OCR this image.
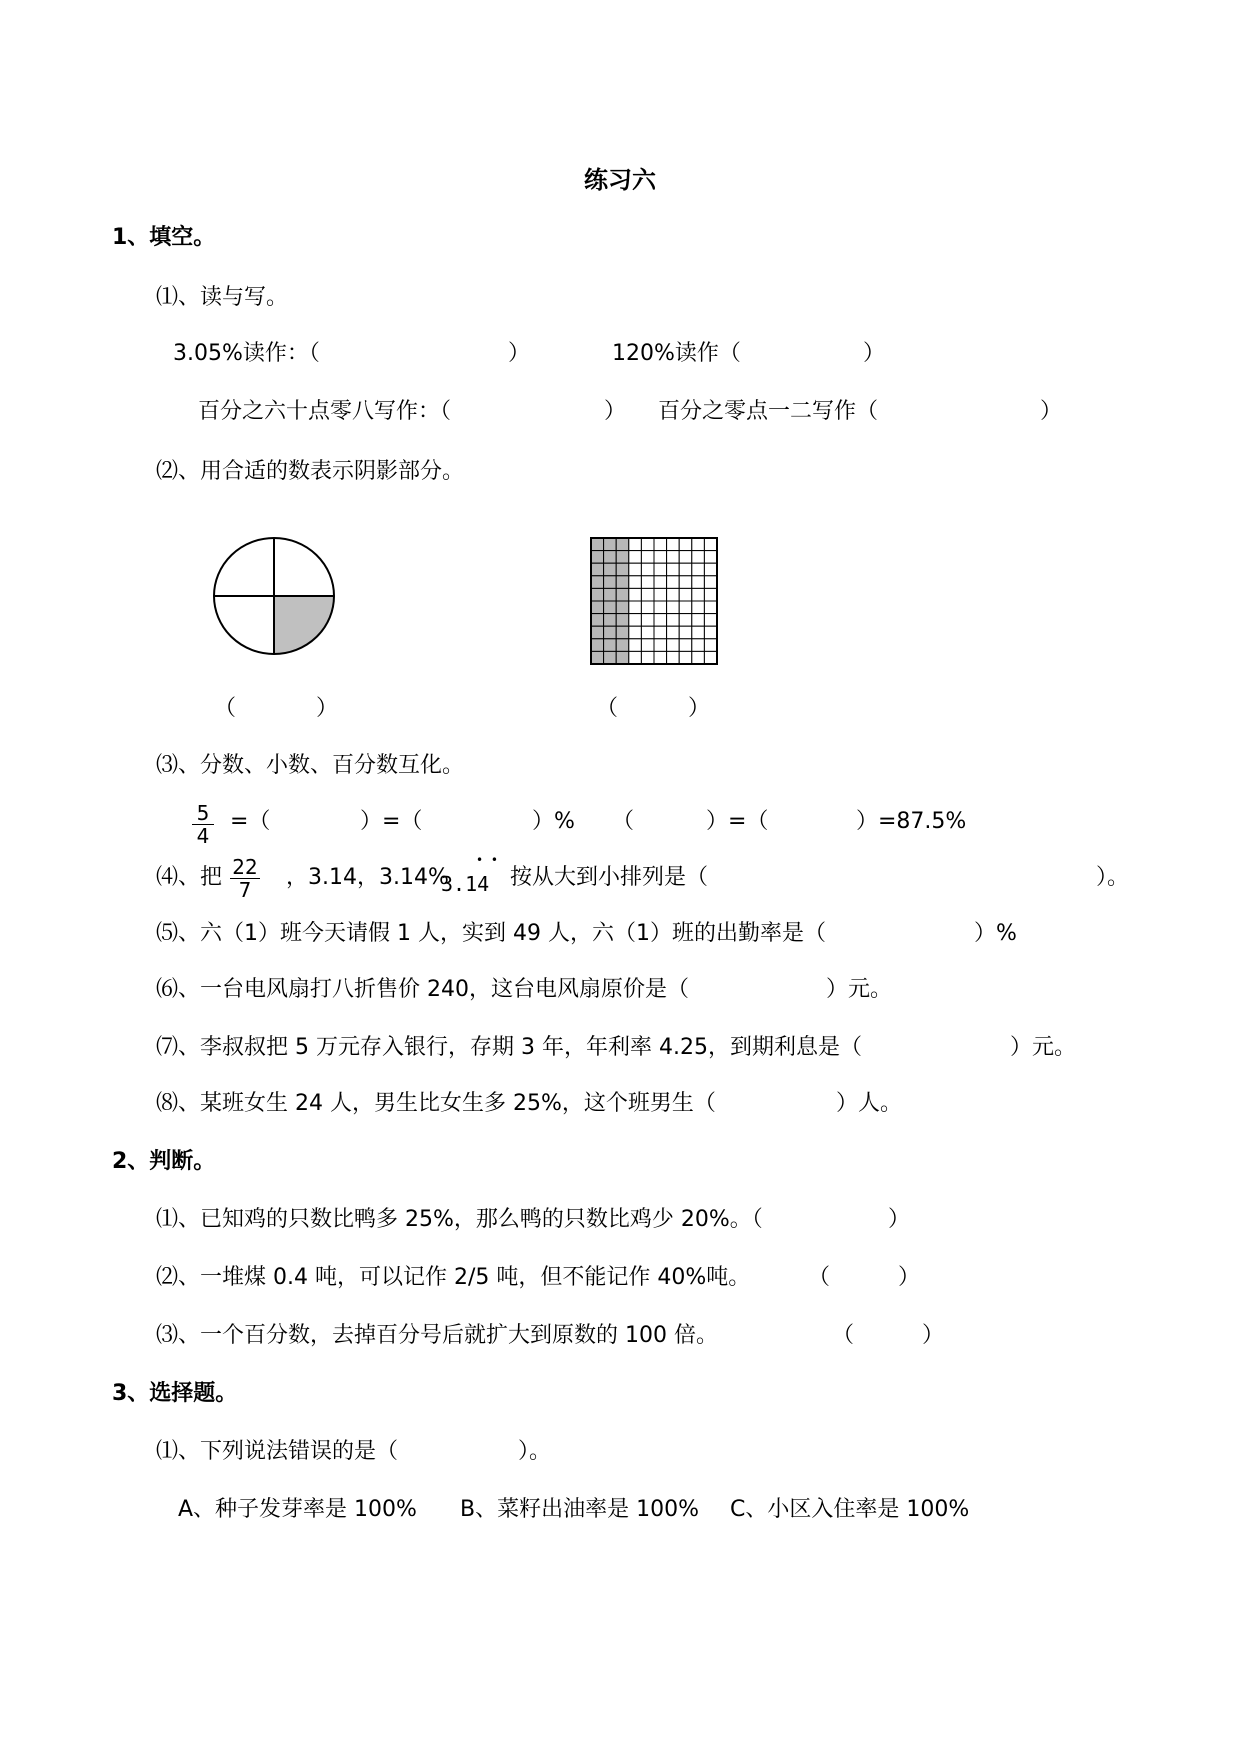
练习六
1、填空。
⑴、读与写。
3.05%读作：（	）	120%读作（	）
百分之六十点零八写作：（	） 百分之零点一二写作（	）
⑵、用合适的数表示阴影部分。
（	）	（	）
⑶、分数、小数、百分数互化。
$\frac{5}{4}$ =（	）=（	）% （	）=（	）=87.5%
⑷、把 $\frac{22}{7}$ ，3.14，3.14%
3.14
• •
按从大到小排列是（	）。
⑸、六（1）班今天请假 1 人，实到 49 人，六（1）班的出勤率是（	）%
⑹、一台电风扇打八折售价 240，这台电风扇原价是（	）元。
⑺、李叔叔把 5 万元存入银行，存期 3 年，年利率 4.25，到期利息是（	）元。
⑻、某班女生 24 人，男生比女生多 25%，这个班男生（	）人。
2、判断。
⑴、已知鸡的只数比鸭多 25%，那么鸭的只数比鸡少 20%。（	）
⑵、一堆煤 0.4 吨，可以记作 2/5 吨，但不能记作 40%吨。	（	）
⑶、一个百分数，去掉百分号后就扩大到原数的 100 倍。	（	）
3、选择题。
⑴、下列说法错误的是（	）。
A、种子发芽率是 100% B、菜籽出油率是 100% C、小区入住率是 100%
